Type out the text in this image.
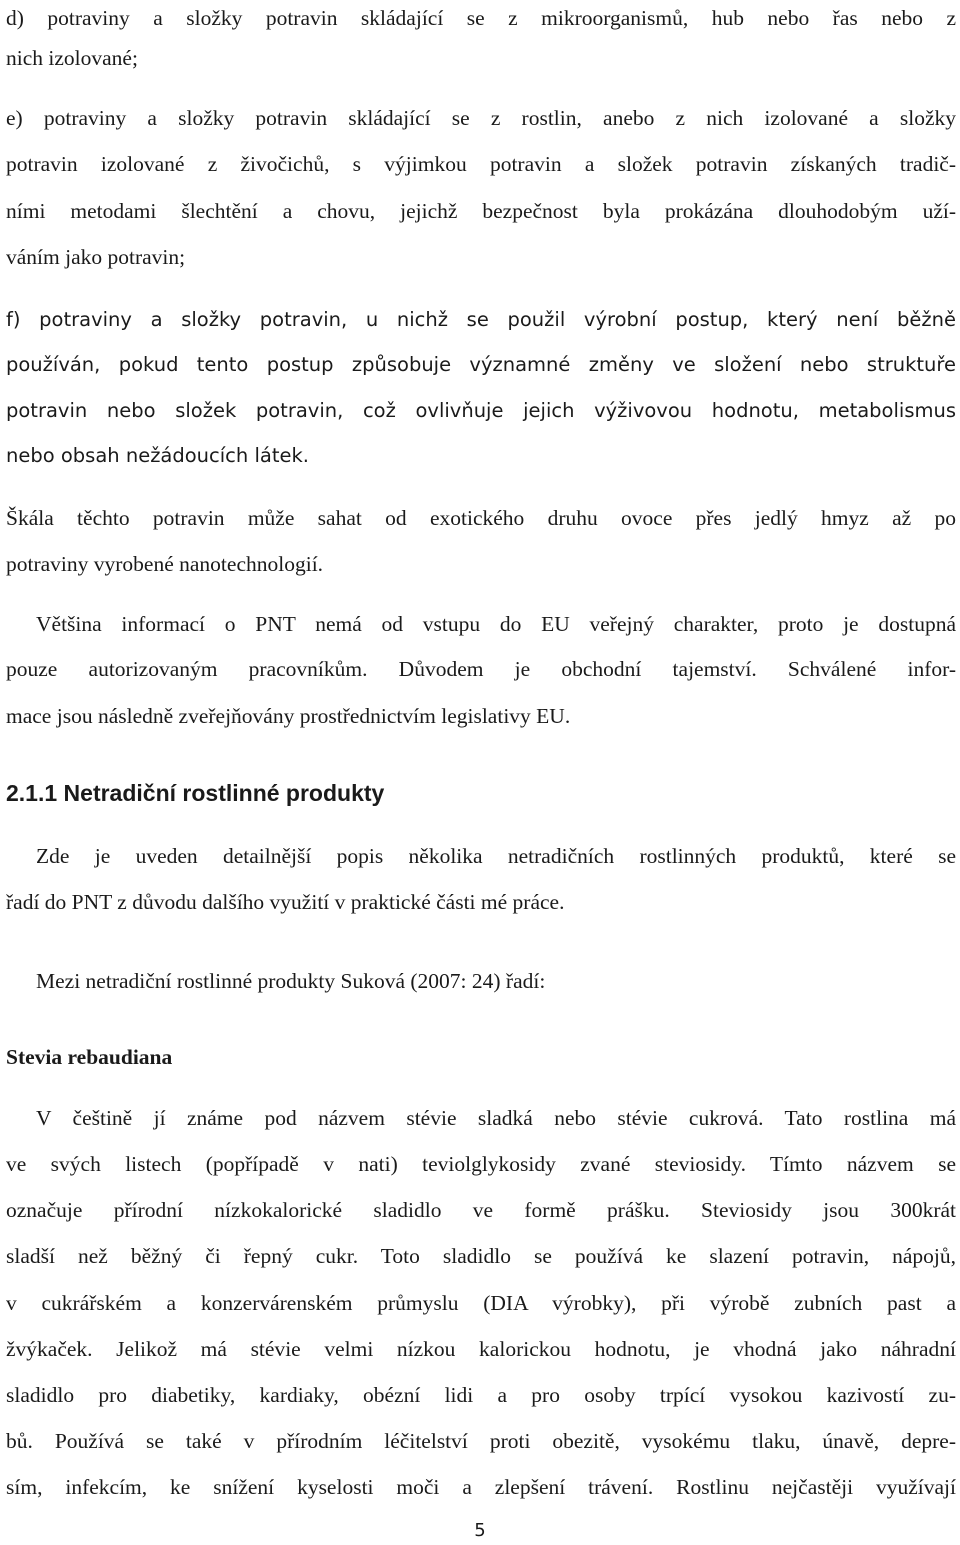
d) potraviny a složky potravin skládající se z mikroorganismů, hub nebo řas nebo z
nich izolované;
e) potraviny a složky potravin skládající se z rostlin, anebo z nich izolované a složky
potravin izolované z živočichů, s výjimkou potravin a složek potravin získaných tradič-
ními metodami šlechtění a chovu, jejichž bezpečnost byla prokázána dlouhodobým uží-
váním jako potravin;
f) potraviny a složky potravin, u nichž se použil výrobní postup, který není běžně
používán, pokud tento postup způsobuje významné změny ve složení nebo struktuře
potravin nebo složek potravin, což ovlivňuje jejich výživovou hodnotu, metabolismus
nebo obsah nežádoucích látek.
Škála těchto potravin může sahat od exotického druhu ovoce přes jedlý hmyz až po
potraviny vyrobené nanotechnologií.
Většina informací o PNT nemá od vstupu do EU veřejný charakter, proto je dostupná
pouze autorizovaným pracovníkům. Důvodem je obchodní tajemství. Schválené infor-
mace jsou následně zveřejňovány prostřednictvím legislativy EU.
2.1.1 Netradiční rostlinné produkty
Zde je uveden detailnější popis několika netradičních rostlinných produktů, které se
řadí do PNT z důvodu dalšího využití v praktické části mé práce.
Mezi netradiční rostlinné produkty Suková (2007: 24) řadí:
Stevia rebaudiana
V češtině jí známe pod názvem stévie sladká nebo stévie cukrová. Tato rostlina má
ve svých listech (popřípadě v nati) teviolglykosidy zvané steviosidy. Tímto názvem se
označuje přírodní nízkokalorické sladidlo ve formě prášku. Steviosidy jsou 300krát
sladší než běžný či řepný cukr. Toto sladidlo se používá ke slazení potravin, nápojů,
v cukrářském a konzervárenském průmyslu (DIA výrobky), při výrobě zubních past a
žvýkaček. Jelikož má stévie velmi nízkou kalorickou hodnotu, je vhodná jako náhradní
sladidlo pro diabetiky, kardiaky, obézní lidi a pro osoby trpící vysokou kazivostí zu-
bů. Používá se také v přírodním léčitelství proti obezitě, vysokému tlaku, únavě, depre-
sím, infekcím, ke snížení kyselosti moči a zlepšení trávení. Rostlinu nejčastěji využívají
5
